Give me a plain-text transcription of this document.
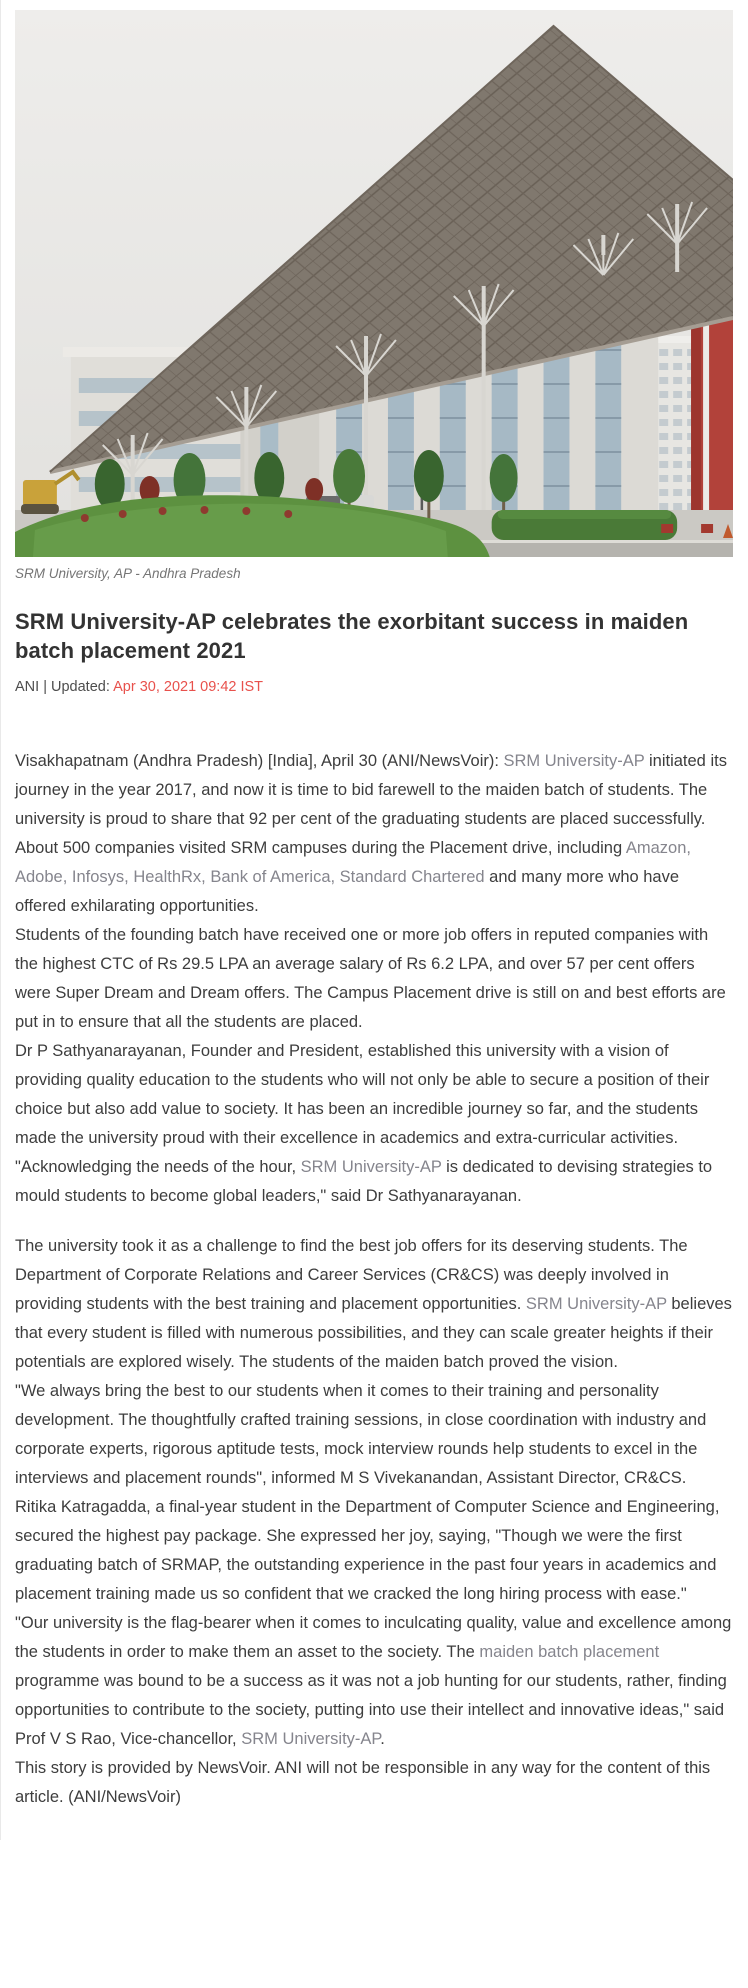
SRM University, AP - Andhra Pradesh
SRM University-AP celebrates the exorbitant success in maiden batch placement 2021
ANI | Updated: Apr 30, 2021 09:42 IST

Visakhapatnam (Andhra Pradesh) [India], April 30 (ANI/NewsVoir): SRM University-AP initiated its journey in the year 2017, and now it is time to bid farewell to the maiden batch of students. The university is proud to share that 92 per cent of the graduating students are placed successfully.

About 500 companies visited SRM campuses during the Placement drive, including Amazon, Adobe, Infosys, HealthRx, Bank of America, Standard Chartered and many more who have offered exhilarating opportunities.

Students of the founding batch have received one or more job offers in reputed companies with the highest CTC of Rs 29.5 LPA an average salary of Rs 6.2 LPA, and over 57 per cent offers were Super Dream and Dream offers. The Campus Placement drive is still on and best efforts are put in to ensure that all the students are placed.

Dr P Sathyanarayanan, Founder and President, established this university with a vision of providing quality education to the students who will not only be able to secure a position of their choice but also add value to society. It has been an incredible journey so far, and the students made the university proud with their excellence in academics and extra-curricular activities.

"Acknowledging the needs of the hour, SRM University-AP is dedicated to devising strategies to mould students to become global leaders," said Dr Sathyanarayanan.

The university took it as a challenge to find the best job offers for its deserving students. The Department of Corporate Relations and Career Services (CR&CS) was deeply involved in providing students with the best training and placement opportunities. SRM University-AP believes that every student is filled with numerous possibilities, and they can scale greater heights if their potentials are explored wisely. The students of the maiden batch proved the vision.

"We always bring the best to our students when it comes to their training and personality development. The thoughtfully crafted training sessions, in close coordination with industry and corporate experts, rigorous aptitude tests, mock interview rounds help students to excel in the interviews and placement rounds", informed M S Vivekanandan, Assistant Director, CR&CS.

Ritika Katragadda, a final-year student in the Department of Computer Science and Engineering, secured the highest pay package. She expressed her joy, saying, "Though we were the first graduating batch of SRMAP, the outstanding experience in the past four years in academics and placement training made us so confident that we cracked the long hiring process with ease."

"Our university is the flag-bearer when it comes to inculcating quality, value and excellence among the students in order to make them an asset to the society. The maiden batch placement programme was bound to be a success as it was not a job hunting for our students, rather, finding opportunities to contribute to the society, putting into use their intellect and innovative ideas," said Prof V S Rao, Vice-chancellor, SRM University-AP.

This story is provided by NewsVoir. ANI will not be responsible in any way for the content of this article. (ANI/NewsVoir)
